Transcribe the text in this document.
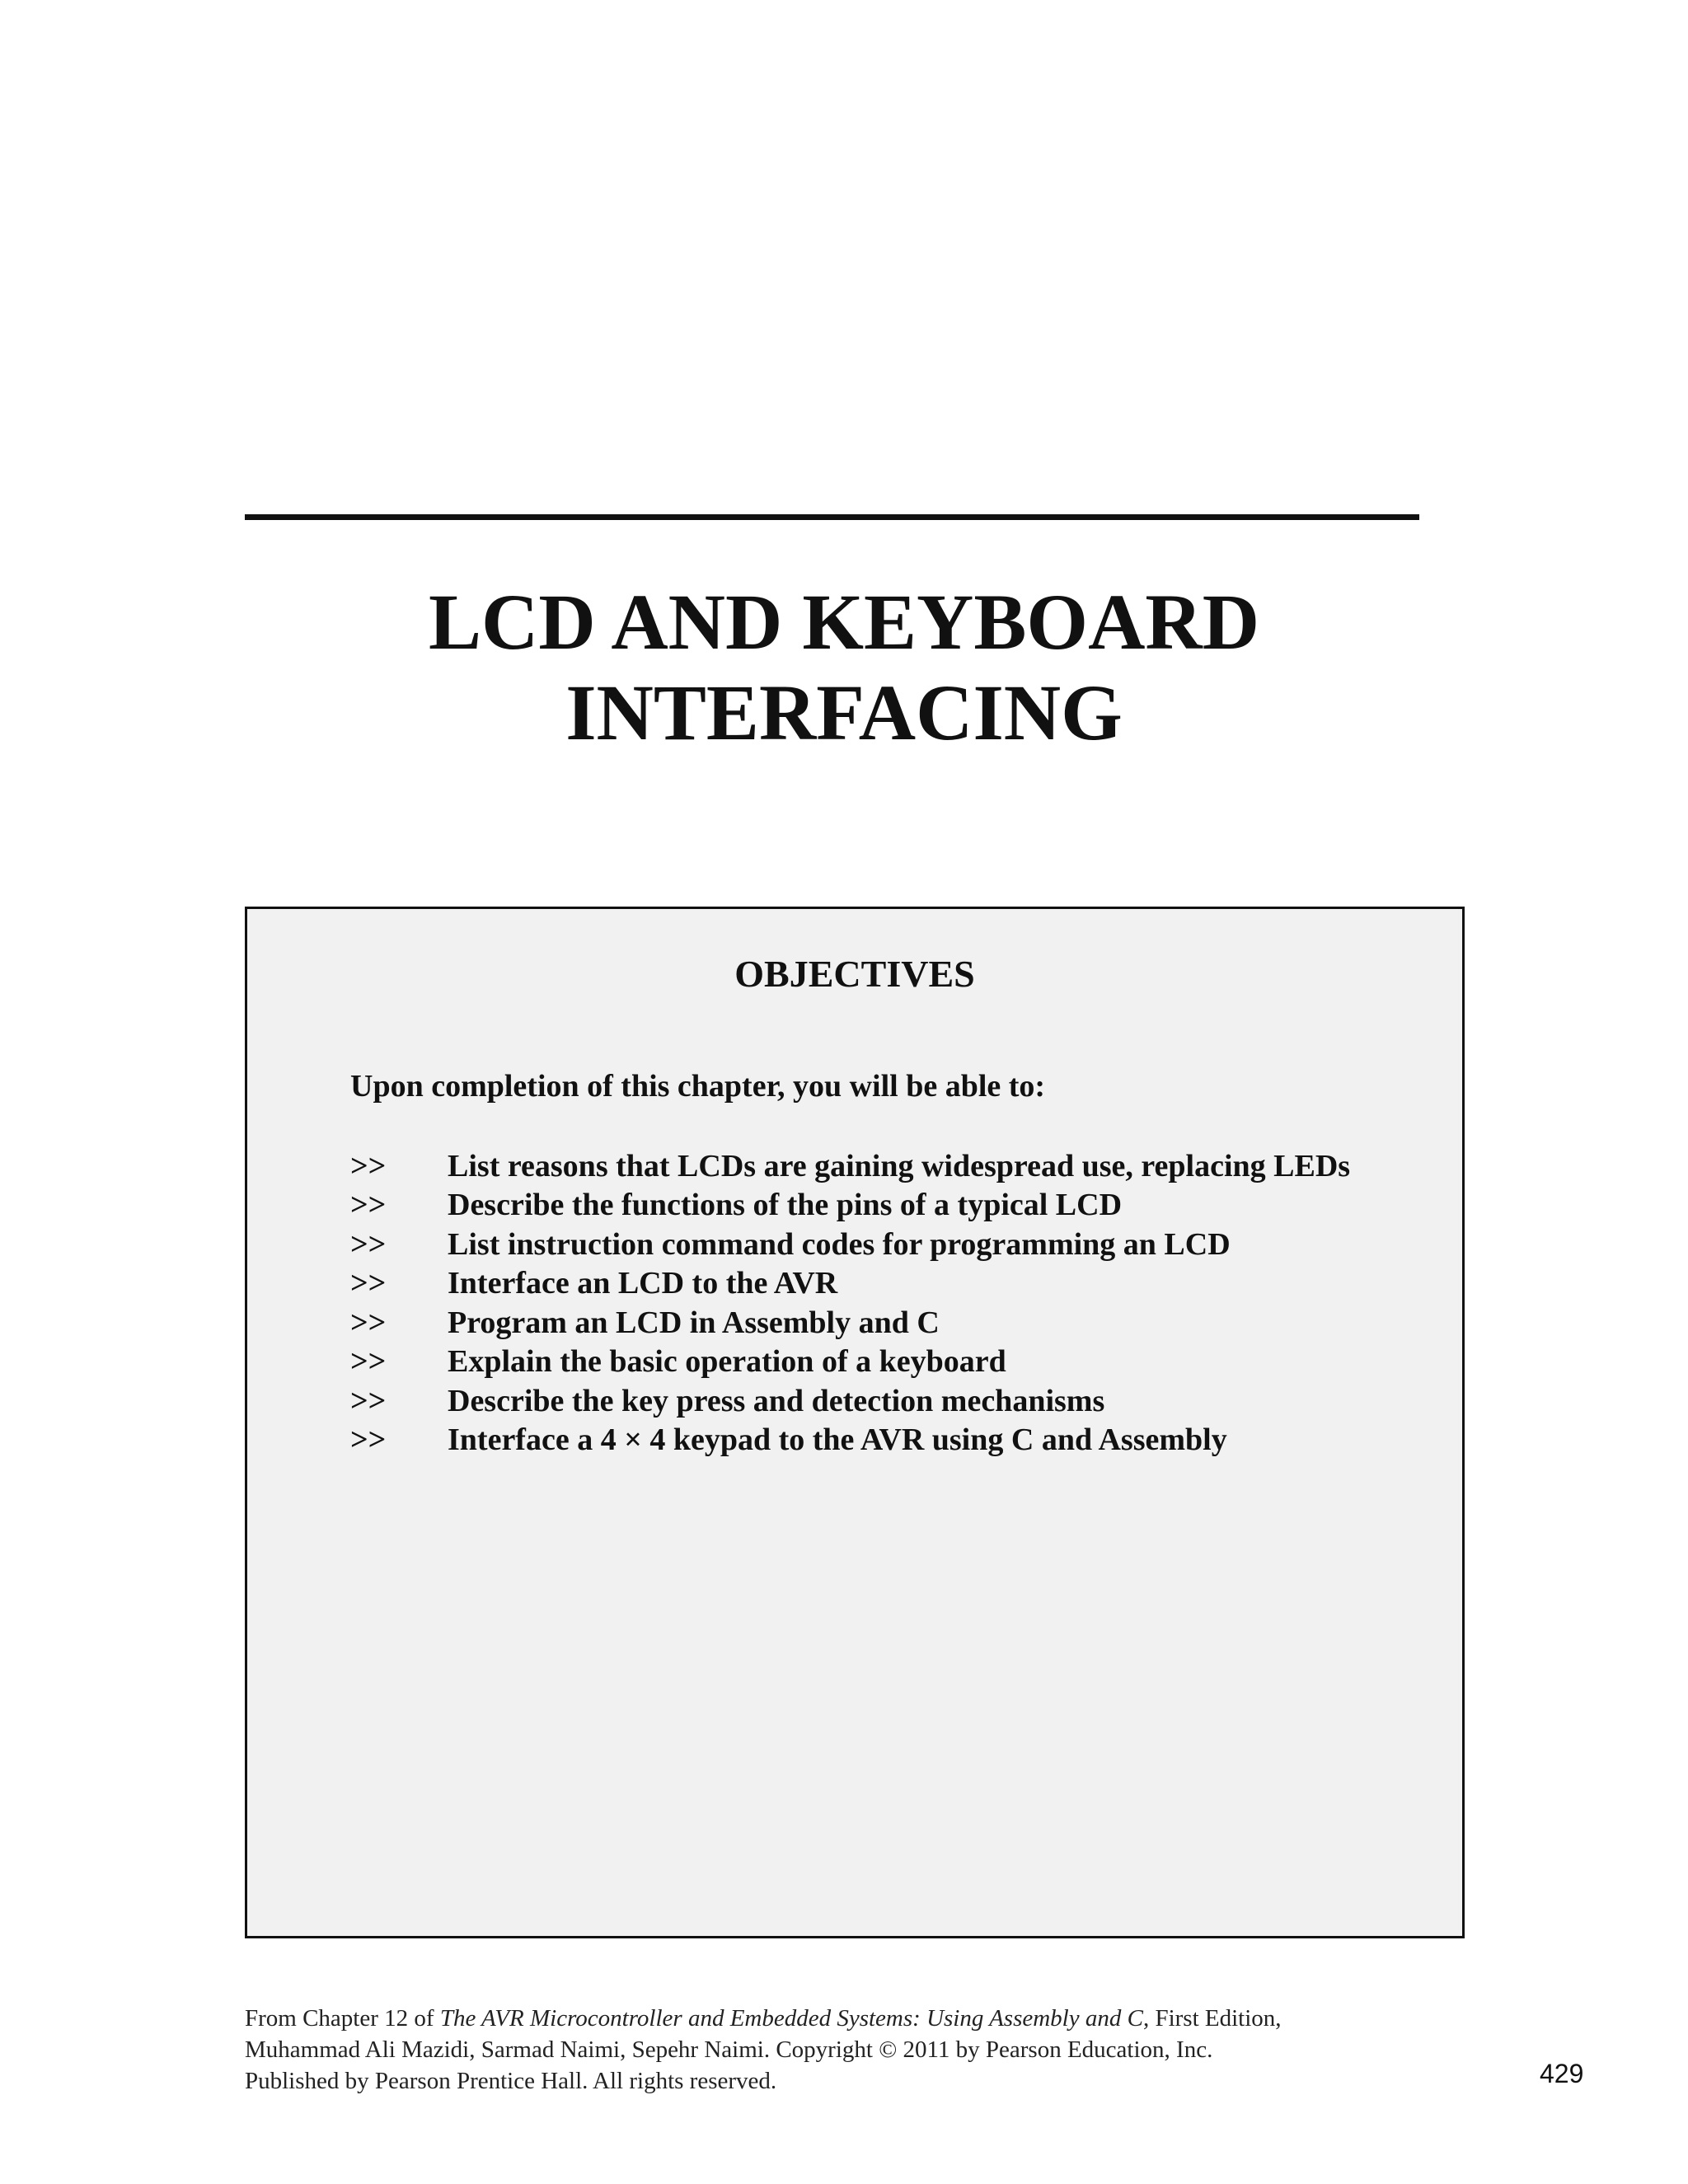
LCD AND KEYBOARD
INTERFACING
OBJECTIVES

Upon completion of this chapter, you will be able to:

>>	List reasons that LCDs are gaining widespread use, replacing LEDs
>>	Describe the functions of the pins of a typical LCD
>>	List instruction command codes for programming an LCD
>>	Interface an LCD to the AVR
>>	Program an LCD in Assembly and C
>>	Explain the basic operation of a keyboard
>>	Describe the key press and detection mechanisms
>>	Interface a 4 × 4 keypad to the AVR using C and Assembly

From Chapter 12 of The AVR Microcontroller and Embedded Systems: Using Assembly and C, First Edition,
Muhammad Ali Mazidi, Sarmad Naimi, Sepehr Naimi. Copyright © 2011 by Pearson Education, Inc.
Published by Pearson Prentice Hall. All rights reserved.	429
